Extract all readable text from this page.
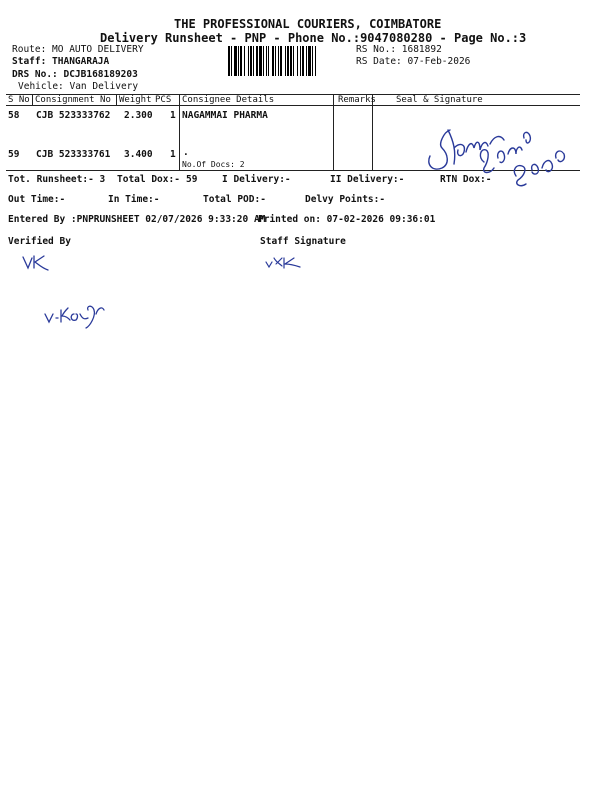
THE PROFESSIONAL COURIERS, COIMBATORE
Delivery Runsheet - PNP - Phone No.:9047080280 - Page No.:3
Route: MO AUTO DELIVERY
Staff: THANGARAJA
DRS No.: DCJB168189203
Vehicle: Van Delivery
RS No.: 1681892
RS Date: 07-Feb-2026
S No Consignment No Weight PCS Consignee Details	Remarks Seal & Signature
58 CJB 523333762 2.300 1 NAGAMMAI PHARMA
59 CJB 523333761 3.400 1 .
No.Of Docs: 2
Tot. Runsheet:- 3 Total Dox:- 59	I Delivery:-	II Delivery:-	RTN Dox:-
Out Time:-	In Time:-	Total POD:-	Delvy Points:-
Entered By :PNPRUNSHEET 02/07/2026 9:33:20 AM
Printed on: 07-02-2026 09:36:01
Verified By	Staff Signature
